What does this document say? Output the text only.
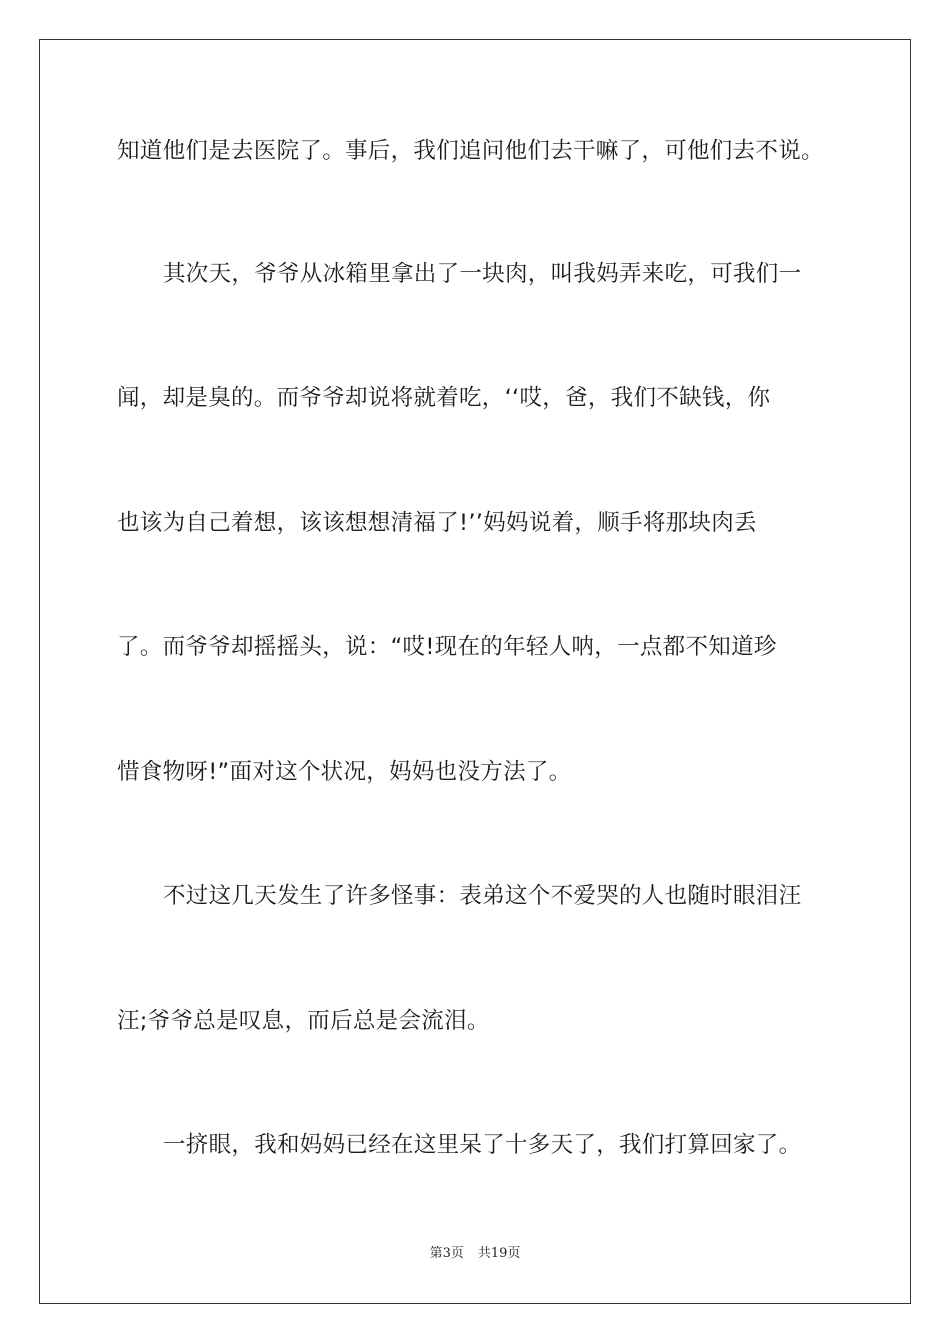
知道他们是去医院了。事后，我们追问他们去干嘛了，可他们去不说。
其次天，爷爷从冰箱里拿出了一块肉，叫我妈弄来吃，可我们一
闻，却是臭的。而爷爷却说将就着吃，‘‘哎，爸，我们不缺钱，你
也该为自己着想，该该想想清福了!’’妈妈说着，顺手将那块肉丢
了。而爷爷却摇摇头，说：“哎!现在的年轻人呐，一点都不知道珍
惜食物呀!”面对这个状况，妈妈也没方法了。
不过这几天发生了许多怪事：表弟这个不爱哭的人也随时眼泪汪
汪;爷爷总是叹息，而后总是会流泪。
一挤眼，我和妈妈已经在这里呆了十多天了，我们打算回家了。
第3页 共19页
